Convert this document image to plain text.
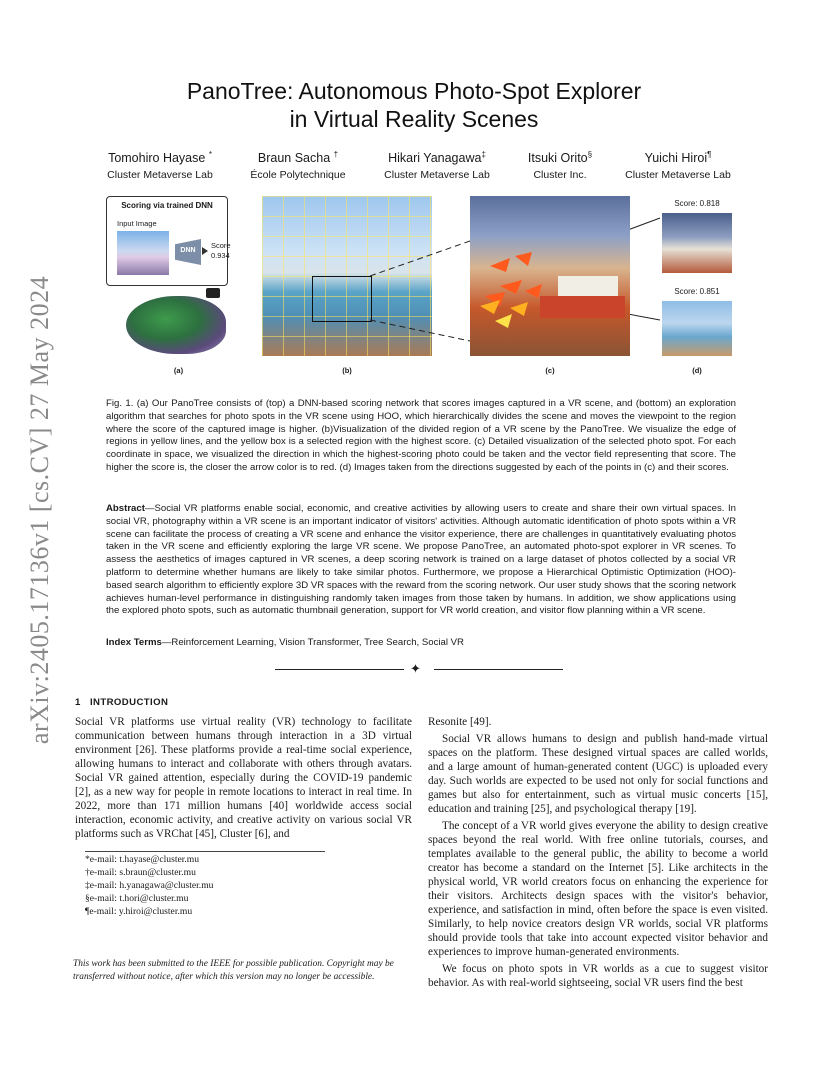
arXiv:2405.17136v1 [cs.CV] 27 May 2024
PanoTree: Autonomous Photo-Spot Explorer
in Virtual Reality Scenes
Tomohiro Hayase *
Cluster Metaverse Lab
Braun Sacha †
École Polytechnique
Hikari Yanagawa‡
Cluster Metaverse Lab
Itsuki Orito§
Cluster Inc.
Yuichi Hiroi¶
Cluster Metaverse Lab
Scoring via trained DNN
Input Image
DNN
Score
0.934
(a)	(b)	(c)
Score: 0.818
Score: 0.851
(d)
Fig. 1. (a) Our PanoTree consists of (top) a DNN-based scoring network that scores images captured in a VR scene, and (bottom) an exploration algorithm that searches for photo spots in the VR scene using HOO, which hierarchically divides the scene and moves the viewpoint to the region where the score of the captured image is higher. (b)Visualization of the divided region of a VR scene by the PanoTree. We visualize the edge of regions in yellow lines, and the yellow box is a selected region with the highest score. (c) Detailed visualization of the selected photo spot. For each coordinate in space, we visualized the direction in which the highest-scoring photo could be taken and the vector field representing that score. The higher the score is, the closer the arrow color is to red. (d) Images taken from the directions suggested by each of the points in (c) and their scores.
Abstract—Social VR platforms enable social, economic, and creative activities by allowing users to create and share their own virtual spaces. In social VR, photography within a VR scene is an important indicator of visitors' activities. Although automatic identification of photo spots within a VR scene can facilitate the process of creating a VR scene and enhance the visitor experience, there are challenges in quantitatively evaluating photos taken in the VR scene and efficiently exploring the large VR scene. We propose PanoTree, an automated photo-spot explorer in VR scenes. To assess the aesthetics of images captured in VR scenes, a deep scoring network is trained on a large dataset of photos collected by a social VR platform to determine whether humans are likely to take similar photos. Furthermore, we propose a Hierarchical Optimistic Optimization (HOO)-based search algorithm to efficiently explore 3D VR spaces with the reward from the scoring network. Our user study shows that the scoring network achieves human-level performance in distinguishing randomly taken images from those taken by humans. In addition, we show applications using the explored photo spots, such as automatic thumbnail generation, support for VR world creation, and visitor flow planning within a VR scene.
Index Terms—Reinforcement Learning, Vision Transformer, Tree Search, Social VR
✦
1 INTRODUCTION
Social VR platforms use virtual reality (VR) technology to facilitate communication between humans through interaction in a 3D virtual environment [26]. These platforms provide a real-time social experience, allowing humans to interact and collaborate with others through avatars. Social VR gained attention, especially during the COVID-19 pandemic [2], as a new way for people in remote locations to interact in real time. In 2022, more than 171 million humans [40] worldwide access social interaction, economic activity, and creative activity on various social VR platforms such as VRChat [45], Cluster [6], and
*e-mail: t.hayase@cluster.mu
†e-mail: s.braun@cluster.mu
‡e-mail: h.yanagawa@cluster.mu
§e-mail: t.hori@cluster.mu
¶e-mail: y.hiroi@cluster.mu
This work has been submitted to the IEEE for possible publication. Copyright may be transferred without notice, after which this version may no longer be accessible.

Resonite [49].

Social VR allows humans to design and publish hand-made virtual spaces on the platform. These designed virtual spaces are called worlds, and a large amount of human-generated content (UGC) is uploaded every day. Such worlds are expected to be used not only for social functions and games but also for entertainment, such as virtual music concerts [15], education and training [25], and psychological therapy [19].

The concept of a VR world gives everyone the ability to design creative spaces beyond the real world. With free online tutorials, courses, and templates available to the general public, the ability to become a world creator has become a standard on the Internet [5]. Like architects in the physical world, VR world creators focus on enhancing the experience for their visitors. Architects design spaces with the visitor's behavior, experience, and satisfaction in mind, often before the space is even visited. Similarly, to help novice creators design VR worlds, social VR platforms should provide tools that take into account expected visitor behavior and experiences to improve human-generated environments.

We focus on photo spots in VR worlds as a cue to suggest visitor behavior. As with real-world sightseeing, social VR users find the best
